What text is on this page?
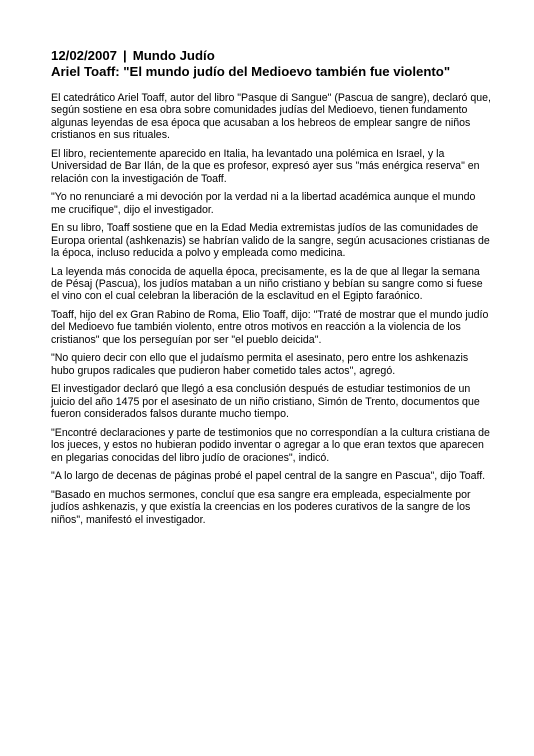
12/02/2007 | Mundo Judío
Ariel Toaff: "El mundo judío del Medioevo también fue violento"

El catedrático Ariel Toaff, autor del libro "Pasque di Sangue" (Pascua de sangre), declaró que, según sostiene en esa obra sobre comunidades judías del Medioevo, tienen fundamento algunas leyendas de esa época que acusaban a los hebreos de emplear sangre de niños cristianos en sus rituales.

El libro, recientemente aparecido en Italia, ha levantado una polémica en Israel, y la Universidad de Bar Ilán, de la que es profesor, expresó ayer sus "más enérgica reserva" en relación con la investigación de Toaff.

"Yo no renunciaré a mi devoción por la verdad ni a la libertad académica aunque el mundo me crucifique", dijo el investigador.

En su libro, Toaff sostiene que en la Edad Media extremistas judíos de las comunidades de Europa oriental (ashkenazis) se habrían valido de la sangre, según acusaciones cristianas de la época, incluso reducida a polvo y empleada como medicina.

La leyenda más conocida de aquella época, precisamente, es la de que al llegar la semana de Pésaj (Pascua), los judíos mataban a un niño cristiano y bebían su sangre como si fuese el vino con el cual celebran la liberación de la esclavitud en el Egipto faraónico.

Toaff, hijo del ex Gran Rabino de Roma, Elio Toaff, dijo: "Traté de mostrar que el mundo judío del Medioevo fue también violento, entre otros motivos en reacción a la violencia de los cristianos" que los perseguían por ser "el pueblo deicida".

"No quiero decir con ello que el judaísmo permita el asesinato, pero entre los ashkenazis hubo grupos radicales que pudieron haber cometido tales actos", agregó.

El investigador declaró que llegó a esa conclusión después de estudiar testimonios de un juicio del año 1475 por el asesinato de un niño cristiano, Simón de Trento, documentos que fueron considerados falsos durante mucho tiempo.

"Encontré declaraciones y parte de testimonios que no correspondían a la cultura cristiana de los jueces, y estos no hubieran podido inventar o agregar a lo que eran textos que aparecen en plegarias conocidas del libro judío de oraciones", indicó.

"A lo largo de decenas de páginas probé el papel central de la sangre en Pascua", dijo Toaff.

"Basado en muchos sermones, concluí que esa sangre era empleada, especialmente por judíos ashkenazis, y que existía la creencias en los poderes curativos de la sangre de los niños", manifestó el investigador.
